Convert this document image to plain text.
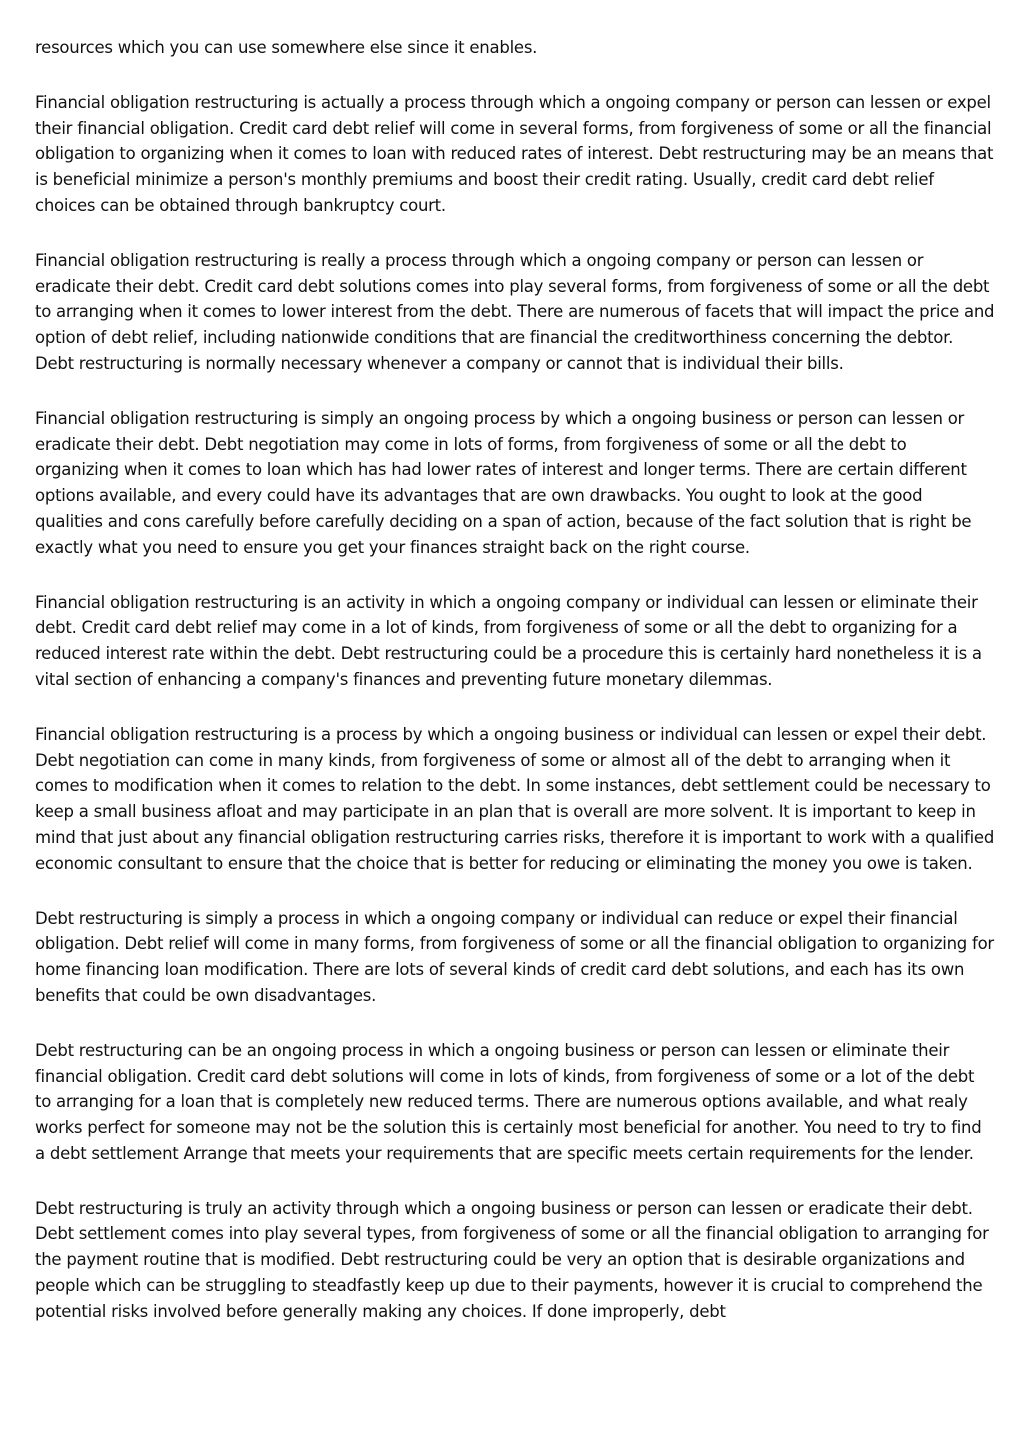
resources which you can use somewhere else since it enables.

Financial obligation restructuring is actually a process through which a ongoing company or person can lessen or expel their financial obligation. Credit card debt relief will come in several forms, from forgiveness of some or all the financial obligation to organizing when it comes to loan with reduced rates of interest. Debt restructuring may be an means that is beneficial minimize a person's monthly premiums and boost their credit rating. Usually, credit card debt relief choices can be obtained through bankruptcy court.

Financial obligation restructuring is really a process through which a ongoing company or person can lessen or eradicate their debt. Credit card debt solutions comes into play several forms, from forgiveness of some or all the debt to arranging when it comes to lower interest from the debt. There are numerous of facets that will impact the price and option of debt relief, including nationwide conditions that are financial the creditworthiness concerning the debtor. Debt restructuring is normally necessary whenever a company or cannot that is individual their bills.

Financial obligation restructuring is simply an ongoing process by which a ongoing business or person can lessen or eradicate their debt. Debt negotiation may come in lots of forms, from forgiveness of some or all the debt to organizing when it comes to loan which has had lower rates of interest and longer terms. There are certain different options available, and every could have its advantages that are own drawbacks. You ought to look at the good qualities and cons carefully before carefully deciding on a span of action, because of the fact solution that is right be exactly what you need to ensure you get your finances straight back on the right course.

Financial obligation restructuring is an activity in which a ongoing company or individual can lessen or eliminate their debt. Credit card debt relief may come in a lot of kinds, from forgiveness of some or all the debt to organizing for a reduced interest rate within the debt. Debt restructuring could be a procedure this is certainly hard nonetheless it is a vital section of enhancing a company's finances and preventing future monetary dilemmas.

Financial obligation restructuring is a process by which a ongoing business or individual can lessen or expel their debt. Debt negotiation can come in many kinds, from forgiveness of some or almost all of the debt to arranging when it comes to modification when it comes to relation to the debt. In some instances, debt settlement could be necessary to keep a small business afloat and may participate in an plan that is overall are more solvent. It is important to keep in mind that just about any financial obligation restructuring carries risks, therefore it is important to work with a qualified economic consultant to ensure that the choice that is better for reducing or eliminating the money you owe is taken.

Debt restructuring is simply a process in which a ongoing company or individual can reduce or expel their financial obligation. Debt relief will come in many forms, from forgiveness of some or all the financial obligation to organizing for home financing loan modification. There are lots of several kinds of credit card debt solutions, and each has its own benefits that could be own disadvantages.

Debt restructuring can be an ongoing process in which a ongoing business or person can lessen or eliminate their financial obligation. Credit card debt solutions will come in lots of kinds, from forgiveness of some or a lot of the debt to arranging for a loan that is completely new reduced terms. There are numerous options available, and what realy works perfect for someone may not be the solution this is certainly most beneficial for another. You need to try to find a debt settlement Arrange that meets your requirements that are specific meets certain requirements for the lender.

Debt restructuring is truly an activity through which a ongoing business or person can lessen or eradicate their debt. Debt settlement comes into play several types, from forgiveness of some or all the financial obligation to arranging for the payment routine that is modified. Debt restructuring could be very an option that is desirable organizations and people which can be struggling to steadfastly keep up due to their payments, however it is crucial to comprehend the potential risks involved before generally making any choices. If done improperly, debt
